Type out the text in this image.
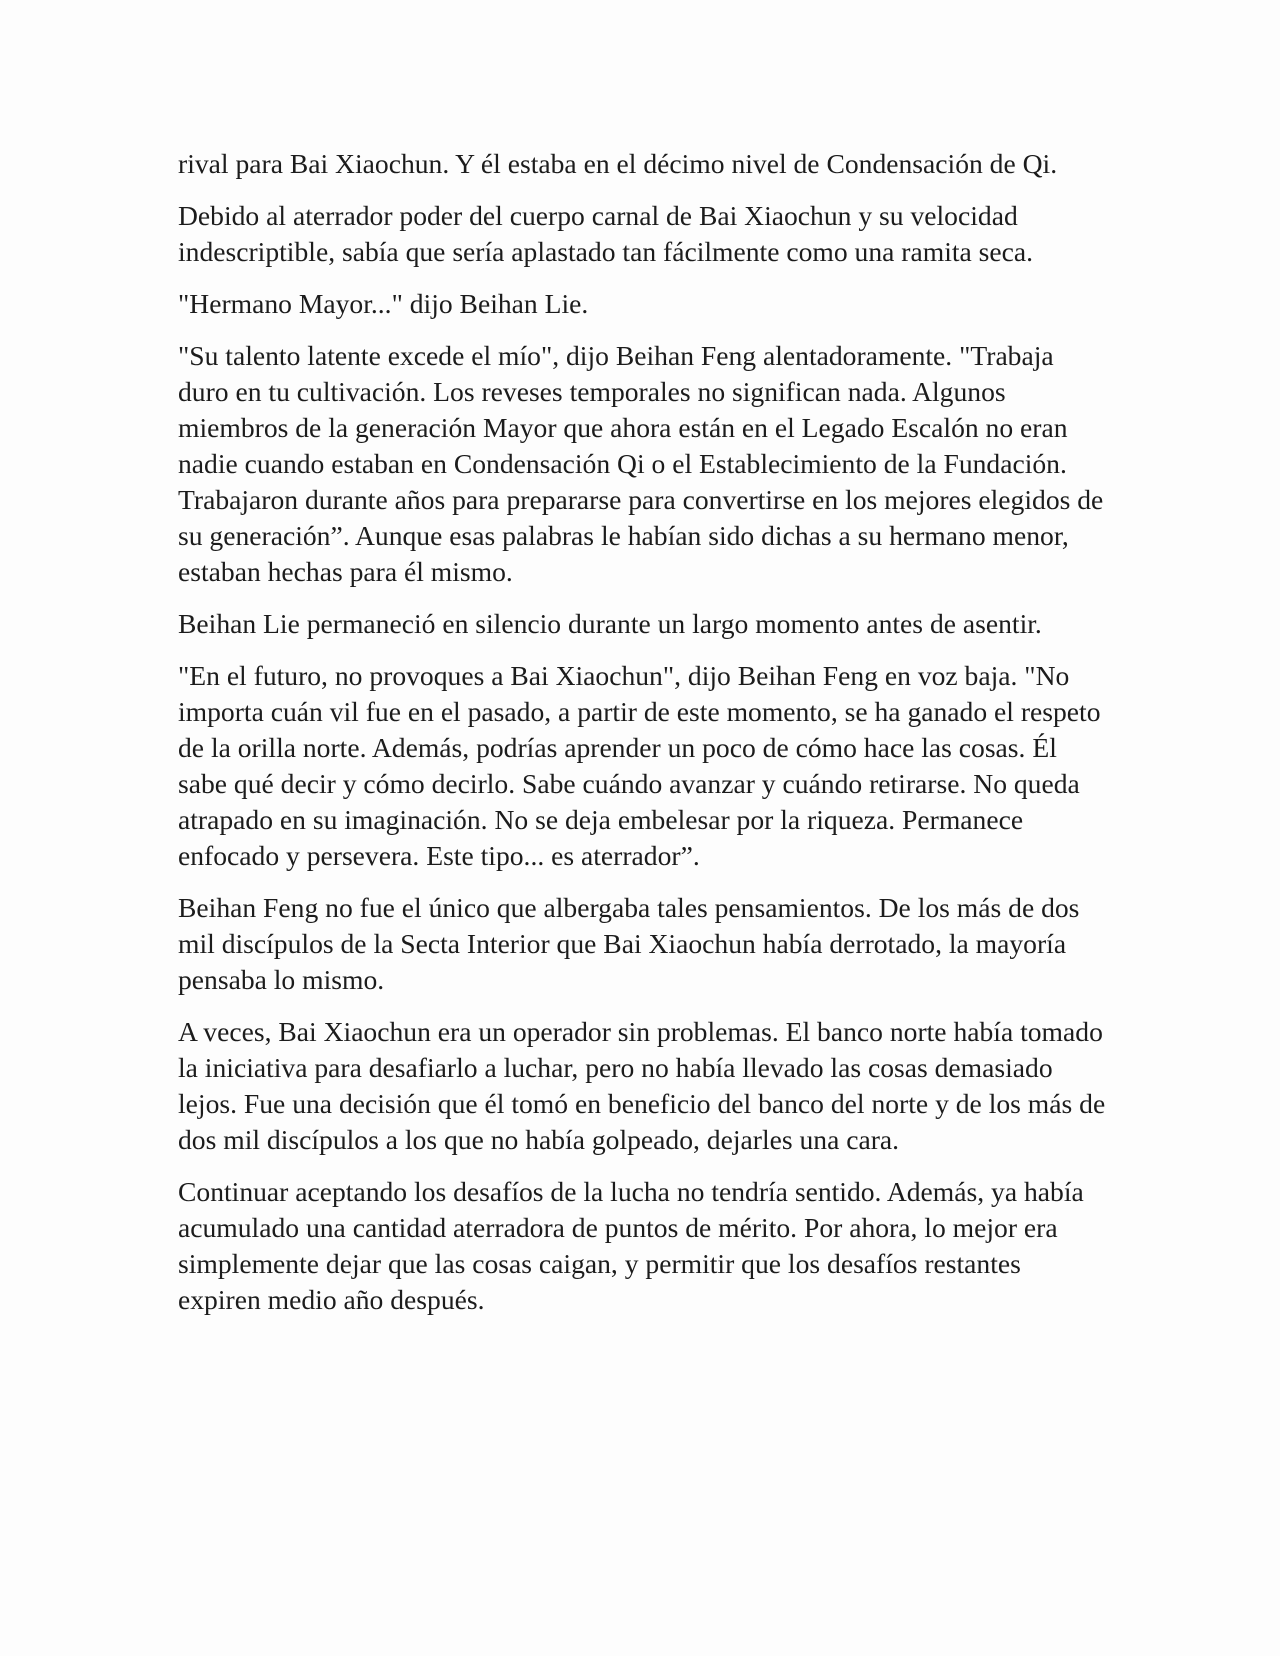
rival para Bai Xiaochun. Y él estaba en el décimo nivel de Condensación de Qi.

Debido al aterrador poder del cuerpo carnal de Bai Xiaochun y su velocidad indescriptible, sabía que sería aplastado tan fácilmente como una ramita seca.

"Hermano Mayor..." dijo Beihan Lie.

"Su talento latente excede el mío", dijo Beihan Feng alentadoramente. "Trabaja duro en tu cultivación. Los reveses temporales no significan nada. Algunos miembros de la generación Mayor que ahora están en el Legado Escalón no eran nadie cuando estaban en Condensación Qi o el Establecimiento de la Fundación. Trabajaron durante años para prepararse para convertirse en los mejores elegidos de su generación”. Aunque esas palabras le habían sido dichas a su hermano menor, estaban hechas para él mismo.

Beihan Lie permaneció en silencio durante un largo momento antes de asentir.

"En el futuro, no provoques a Bai Xiaochun", dijo Beihan Feng en voz baja. "No importa cuán vil fue en el pasado, a partir de este momento, se ha ganado el respeto de la orilla norte. Además, podrías aprender un poco de cómo hace las cosas. Él sabe qué decir y cómo decirlo. Sabe cuándo avanzar y cuándo retirarse. No queda atrapado en su imaginación. No se deja embelesar por la riqueza. Permanece enfocado y persevera. Este tipo... es aterrador”.

Beihan Feng no fue el único que albergaba tales pensamientos. De los más de dos mil discípulos de la Secta Interior que Bai Xiaochun había derrotado, la mayoría pensaba lo mismo.

A veces, Bai Xiaochun era un operador sin problemas. El banco norte había tomado la iniciativa para desafiarlo a luchar, pero no había llevado las cosas demasiado lejos. Fue una decisión que él tomó en beneficio del banco del norte y de los más de dos mil discípulos a los que no había golpeado, dejarles una cara.

Continuar aceptando los desafíos de la lucha no tendría sentido. Además, ya había acumulado una cantidad aterradora de puntos de mérito. Por ahora, lo mejor era simplemente dejar que las cosas caigan, y permitir que los desafíos restantes expiren medio año después.
